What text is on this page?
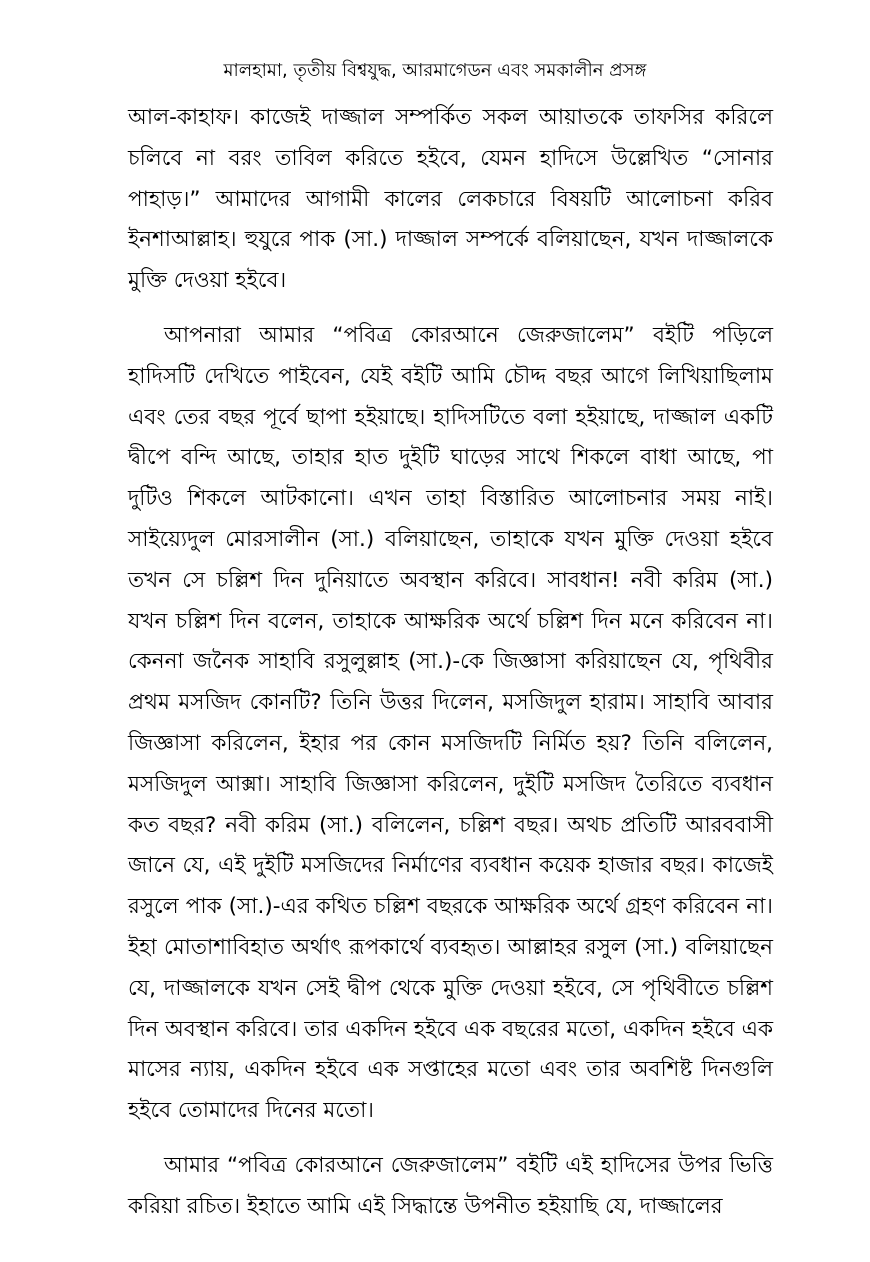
মালহামা, তৃতীয় বিশ্বযুদ্ধ, আরমাগেডন এবং সমকালীন প্রসঙ্গ

আল-কাহাফ। কাজেই দাজ্জাল সম্পর্কিত সকল আয়াতকে তাফসির করিলে চলিবে না বরং তাবিল করিতে হইবে, যেমন হাদিসে উল্লেখিত “সোনার পাহাড়।” আমাদের আগামী কালের লেকচারে বিষয়টি আলোচনা করিব ইনশাআল্লাহ। হুযুরে পাক (সা.) দাজ্জাল সম্পর্কে বলিয়াছেন, যখন দাজ্জালকে মুক্তি দেওয়া হইবে।

আপনারা আমার “পবিত্র কোরআনে জেরুজালেম” বইটি পড়িলে হাদিসটি দেখিতে পাইবেন, যেই বইটি আমি চৌদ্দ বছর আগে লিখিয়াছিলাম এবং তের বছর পূর্বে ছাপা হইয়াছে। হাদিসটিতে বলা হইয়াছে, দাজ্জাল একটি দ্বীপে বন্দি আছে, তাহার হাত দুইটি ঘাড়ের সাথে শিকলে বাধা আছে, পা দুটিও শিকলে আটকানো। এখন তাহা বিস্তারিত আলোচনার সময় নাই। সাইয়্যেদুল মোরসালীন (সা.) বলিয়াছেন, তাহাকে যখন মুক্তি দেওয়া হইবে তখন সে চল্লিশ দিন দুনিয়াতে অবস্থান করিবে। সাবধান! নবী করিম (সা.) যখন চল্লিশ দিন বলেন, তাহাকে আক্ষরিক অর্থে চল্লিশ দিন মনে করিবেন না। কেননা জনৈক সাহাবি রসুলুল্লাহ (সা.)-কে জিজ্ঞাসা করিয়াছেন যে, পৃথিবীর প্রথম মসজিদ কোনটি? তিনি উত্তর দিলেন, মসজিদুল হারাম। সাহাবি আবার জিজ্ঞাসা করিলেন, ইহার পর কোন মসজিদটি নির্মিত হয়? তিনি বলিলেন, মসজিদুল আক্সা। সাহাবি জিজ্ঞাসা করিলেন, দুইটি মসজিদ তৈরিতে ব্যবধান কত বছর? নবী করিম (সা.) বলিলেন, চল্লিশ বছর। অথচ প্রতিটি আরববাসী জানে যে, এই দুইটি মসজিদের নির্মাণের ব্যবধান কয়েক হাজার বছর। কাজেই রসুলে পাক (সা.)-এর কথিত চল্লিশ বছরকে আক্ষরিক অর্থে গ্রহণ করিবেন না। ইহা মোতাশাবিহাত অর্থাৎ রূপকার্থে ব্যবহৃত। আল্লাহর রসুল (সা.) বলিয়াছেন যে, দাজ্জালকে যখন সেই দ্বীপ থেকে মুক্তি দেওয়া হইবে, সে পৃথিবীতে চল্লিশ দিন অবস্থান করিবে। তার একদিন হইবে এক বছরের মতো, একদিন হইবে এক মাসের ন্যায়, একদিন হইবে এক সপ্তাহের মতো এবং তার অবশিষ্ট দিনগুলি হইবে তোমাদের দিনের মতো।

আমার “পবিত্র কোরআনে জেরুজালেম” বইটি এই হাদিসের উপর ভিত্তি করিয়া রচিত। ইহাতে আমি এই সিদ্ধান্তে উপনীত হইয়াছি যে, দাজ্জালের
